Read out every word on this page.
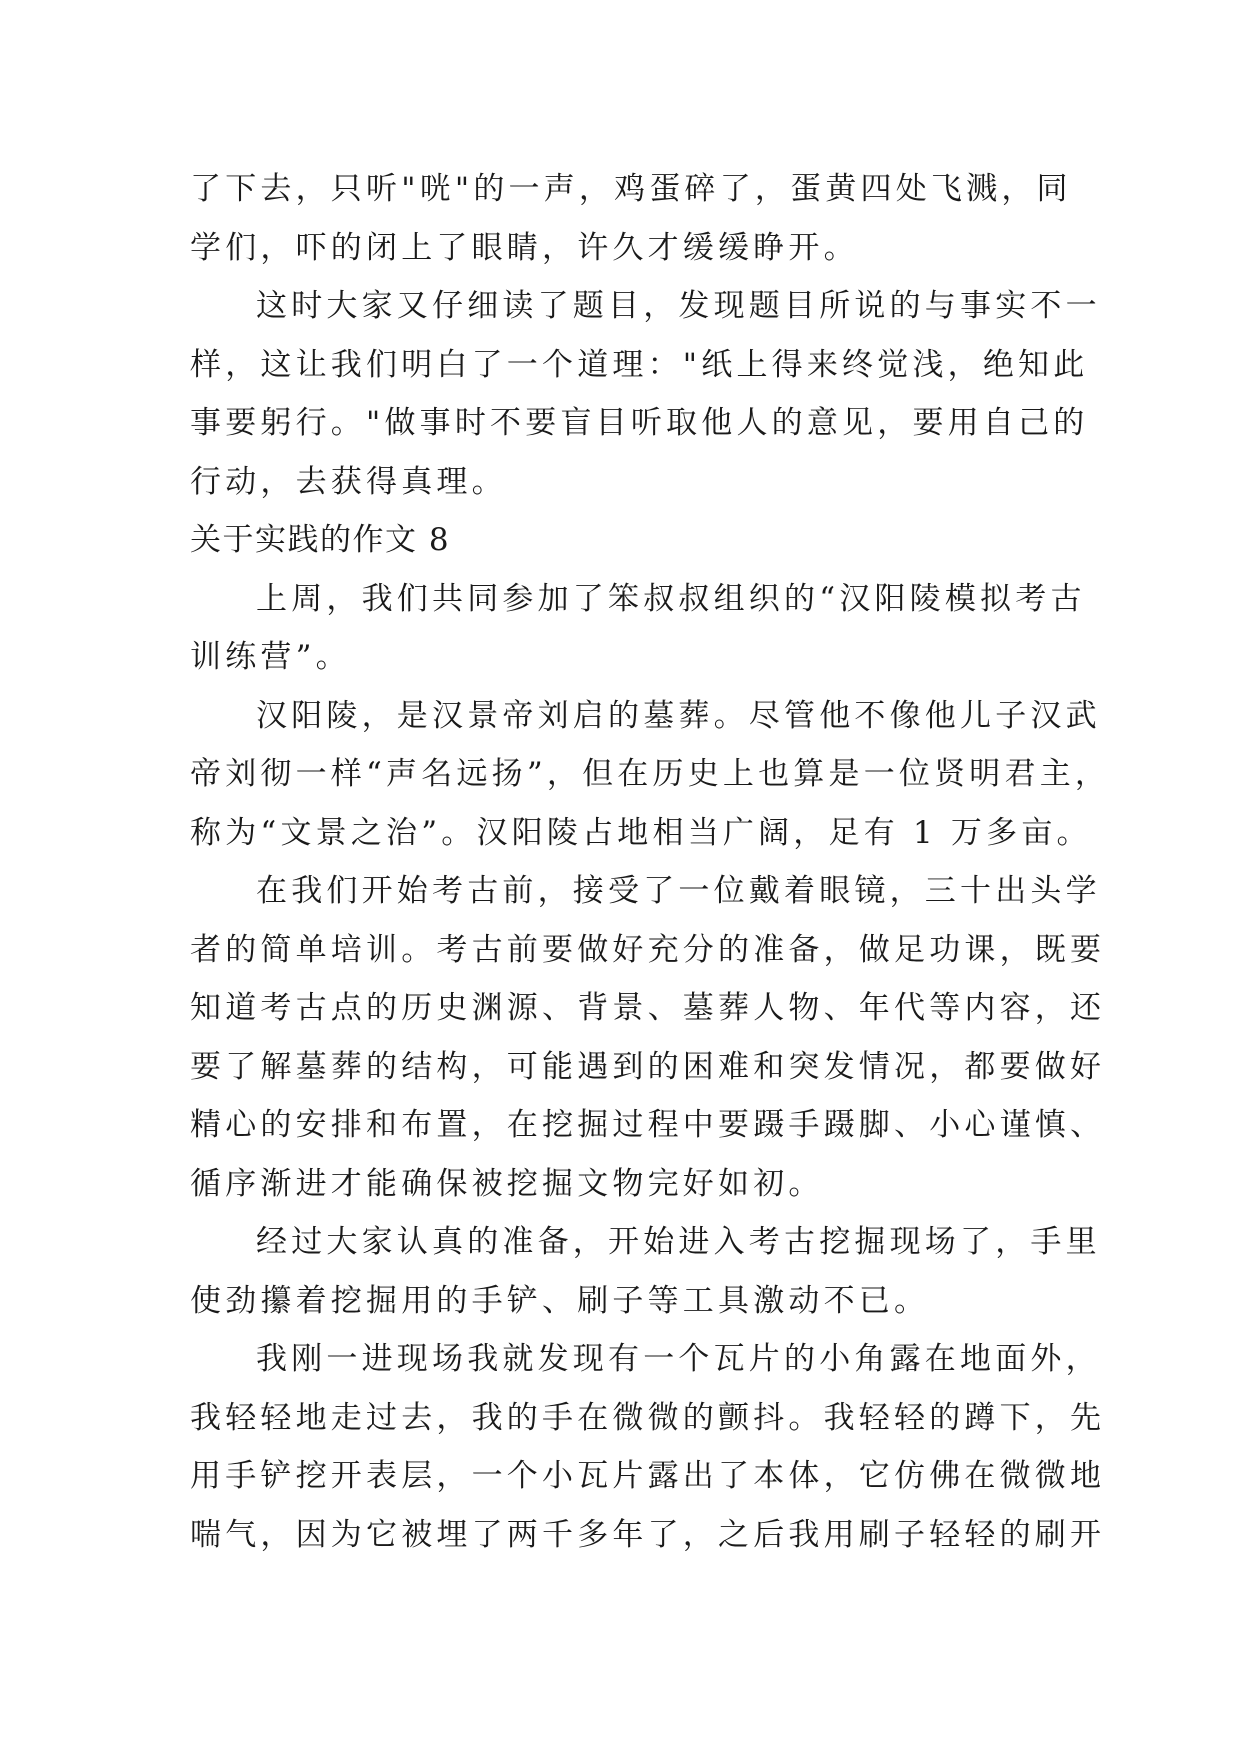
了下去，只听"咣"的一声，鸡蛋碎了，蛋黄四处飞溅，同
学们，吓的闭上了眼睛，许久才缓缓睁开。
这时大家又仔细读了题目，发现题目所说的与事实不一
样，这让我们明白了一个道理："纸上得来终觉浅，绝知此
事要躬行。"做事时不要盲目听取他人的意见，要用自己的
行动，去获得真理。
关于实践的作文 8
上周，我们共同参加了笨叔叔组织的“汉阳陵模拟考古
训练营”。
汉阳陵，是汉景帝刘启的墓葬。尽管他不像他儿子汉武
帝刘彻一样“声名远扬”，但在历史上也算是一位贤明君主，
称为“文景之治”。汉阳陵占地相当广阔，足有 1 万多亩。
在我们开始考古前，接受了一位戴着眼镜，三十出头学
者的简单培训。考古前要做好充分的准备，做足功课，既要
知道考古点的历史渊源、背景、墓葬人物、年代等内容，还
要了解墓葬的结构，可能遇到的困难和突发情况，都要做好
精心的安排和布置，在挖掘过程中要蹑手蹑脚、小心谨慎、
循序渐进才能确保被挖掘文物完好如初。
经过大家认真的准备，开始进入考古挖掘现场了，手里
使劲攥着挖掘用的手铲、刷子等工具激动不已。
我刚一进现场我就发现有一个瓦片的小角露在地面外，
我轻轻地走过去，我的手在微微的颤抖。我轻轻的蹲下，先
用手铲挖开表层，一个小瓦片露出了本体，它仿佛在微微地
喘气，因为它被埋了两千多年了，之后我用刷子轻轻的刷开
